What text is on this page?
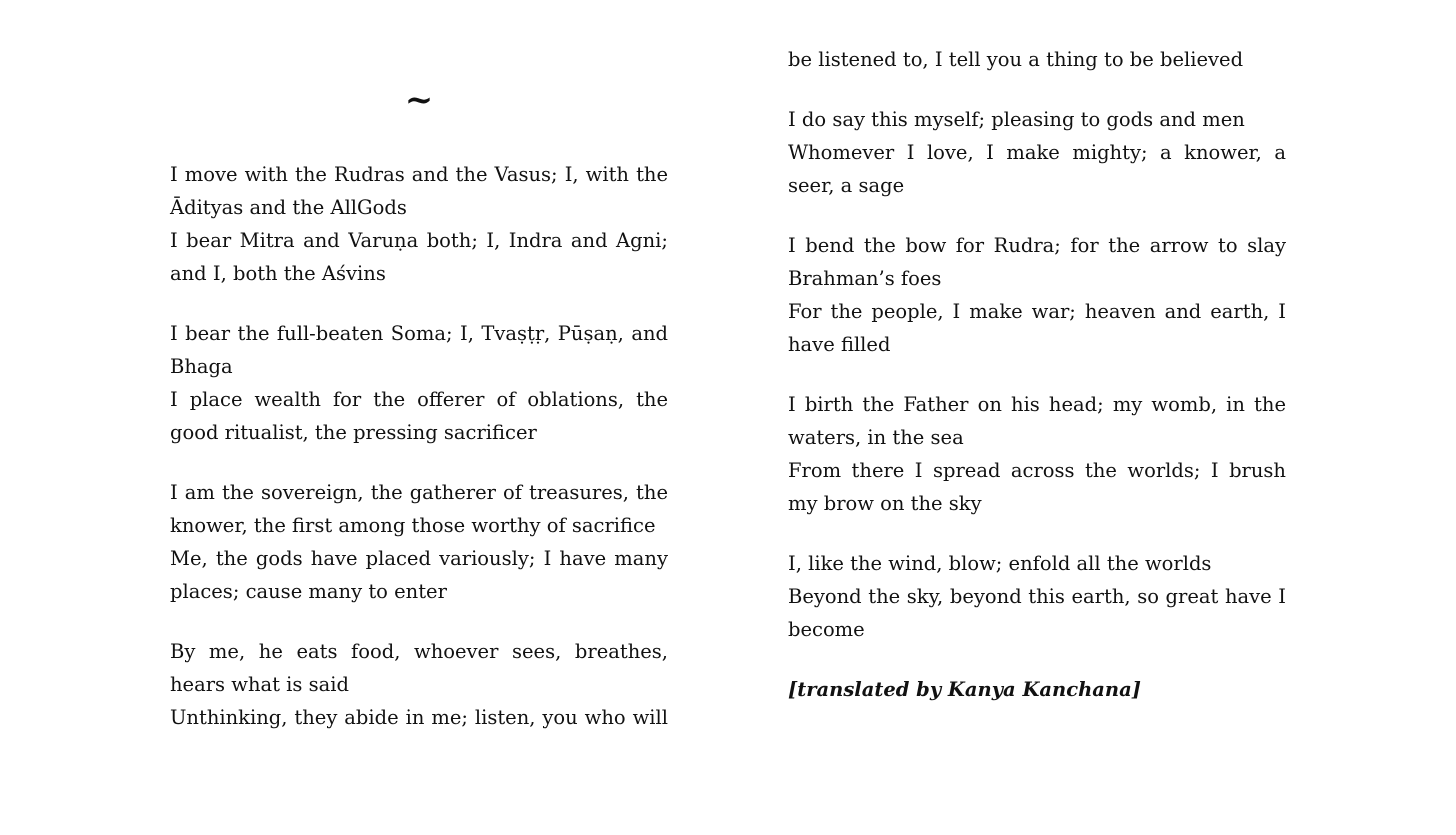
~

I move with the Rudras and the Vasus; I, with the Ādityas and the AllGods

I bear Mitra and Varuṇa both; I, Indra and Agni; and I, both the Aśvins

I bear the full-beaten Soma; I, Tvaṣṭṛ, Pūṣaṇ, and Bhaga

I place wealth for the offerer of oblations, the good ritualist, the pressing sacrificer

I am the sovereign, the gatherer of treasures, the knower, the first among those worthy of sacrifice

Me, the gods have placed variously; I have many places; cause many to enter

By me, he eats food, whoever sees, breathes, hears what is said

Unthinking, they abide in me; listen, you who will

be listened to, I tell you a thing to be believed

I do say this myself; pleasing to gods and men

Whomever I love, I make mighty; a knower, a seer, a sage

I bend the bow for Rudra; for the arrow to slay Brahman’s foes

For the people, I make war; heaven and earth, I have filled

I birth the Father on his head; my womb, in the waters, in the sea

From there I spread across the worlds; I brush my brow on the sky

I, like the wind, blow; enfold all the worlds

Beyond the sky, beyond this earth, so great have I become

[translated by Kanya Kanchana]
